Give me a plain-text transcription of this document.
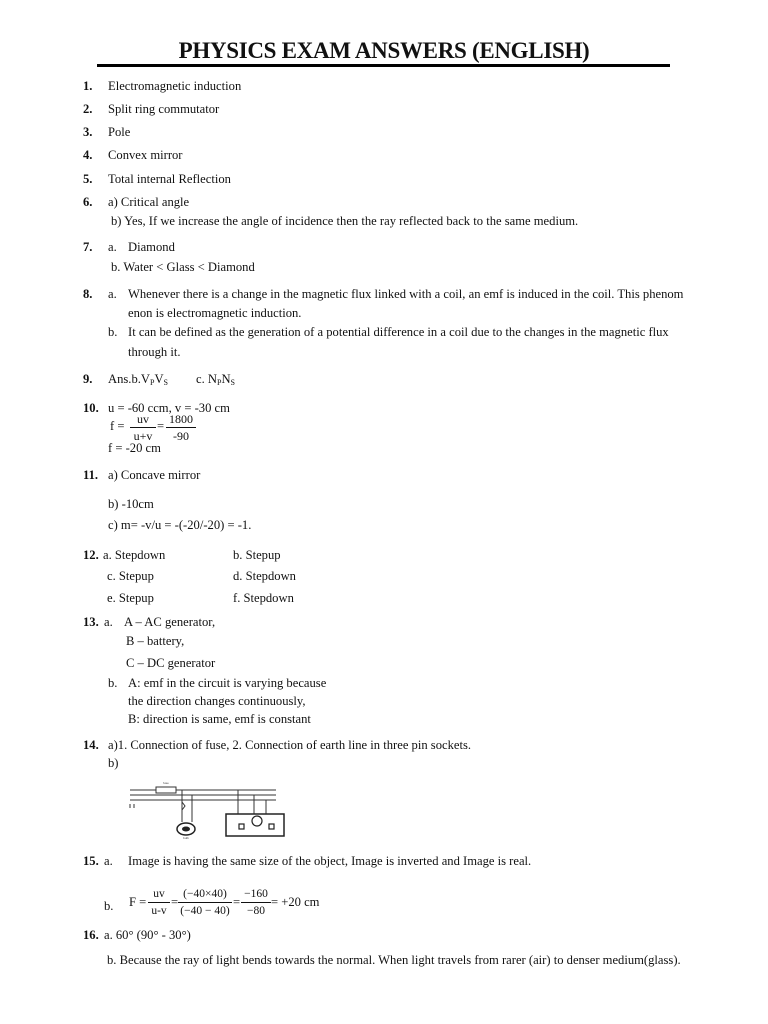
PHYSICS EXAM ANSWERS (ENGLISH)
1. Electromagnetic induction
2. Split ring commutator
3. Pole
4. Convex mirror
5. Total internal Reflection
6. a) Critical angle
b) Yes, If we increase the angle of incidence then the ray reflected back to the same medium.
7. a. Diamond
b. Water < Glass < Diamond
8. a. Whenever there is a change in the magnetic flux linked with a coil, an emf is induced in the coil. This phenom
enon is electromagnetic induction.
b. It can be defined as the generation of a potential difference in a coil due to the changes in the magnetic flux
through it.
9. $Ans.b.V_PV_S$ c. $N_PN_S$
10. u = -60 ccm, v = -30 cm
$f = \frac{uv}{u+v} = \frac{1800}{-90}$
f = -20 cm
11. a) Concave mirror
b) -10cm
c) m= -v/u = -(-20/-20) = -1.
12. a. Stepdown	b. Stepup
c. Stepup	d. Stepdown
e. Stepup	f. Stepdown
13. a. A – AC generator,
B – battery,
C – DC generator
b. A: emf in the circuit is varying because
the direction changes continuously,
B: direction is same, emf is constant
14. a)1. Connection of fuse, 2. Connection of earth line in three pin sockets.
b)
fuse
bulb
15. a. Image is having the same size of the object, Image is inverted and Image is real.
b. $F = \frac{uv}{u-v} = \frac{(-40\times 40)}{(-40 - 40)} = \frac{-160}{-80} = +20$ cm
16. a. 60° (90° - 30°)
b. Because the ray of light bends towards the normal. When light travels from rarer (air) to denser medium(glass).
